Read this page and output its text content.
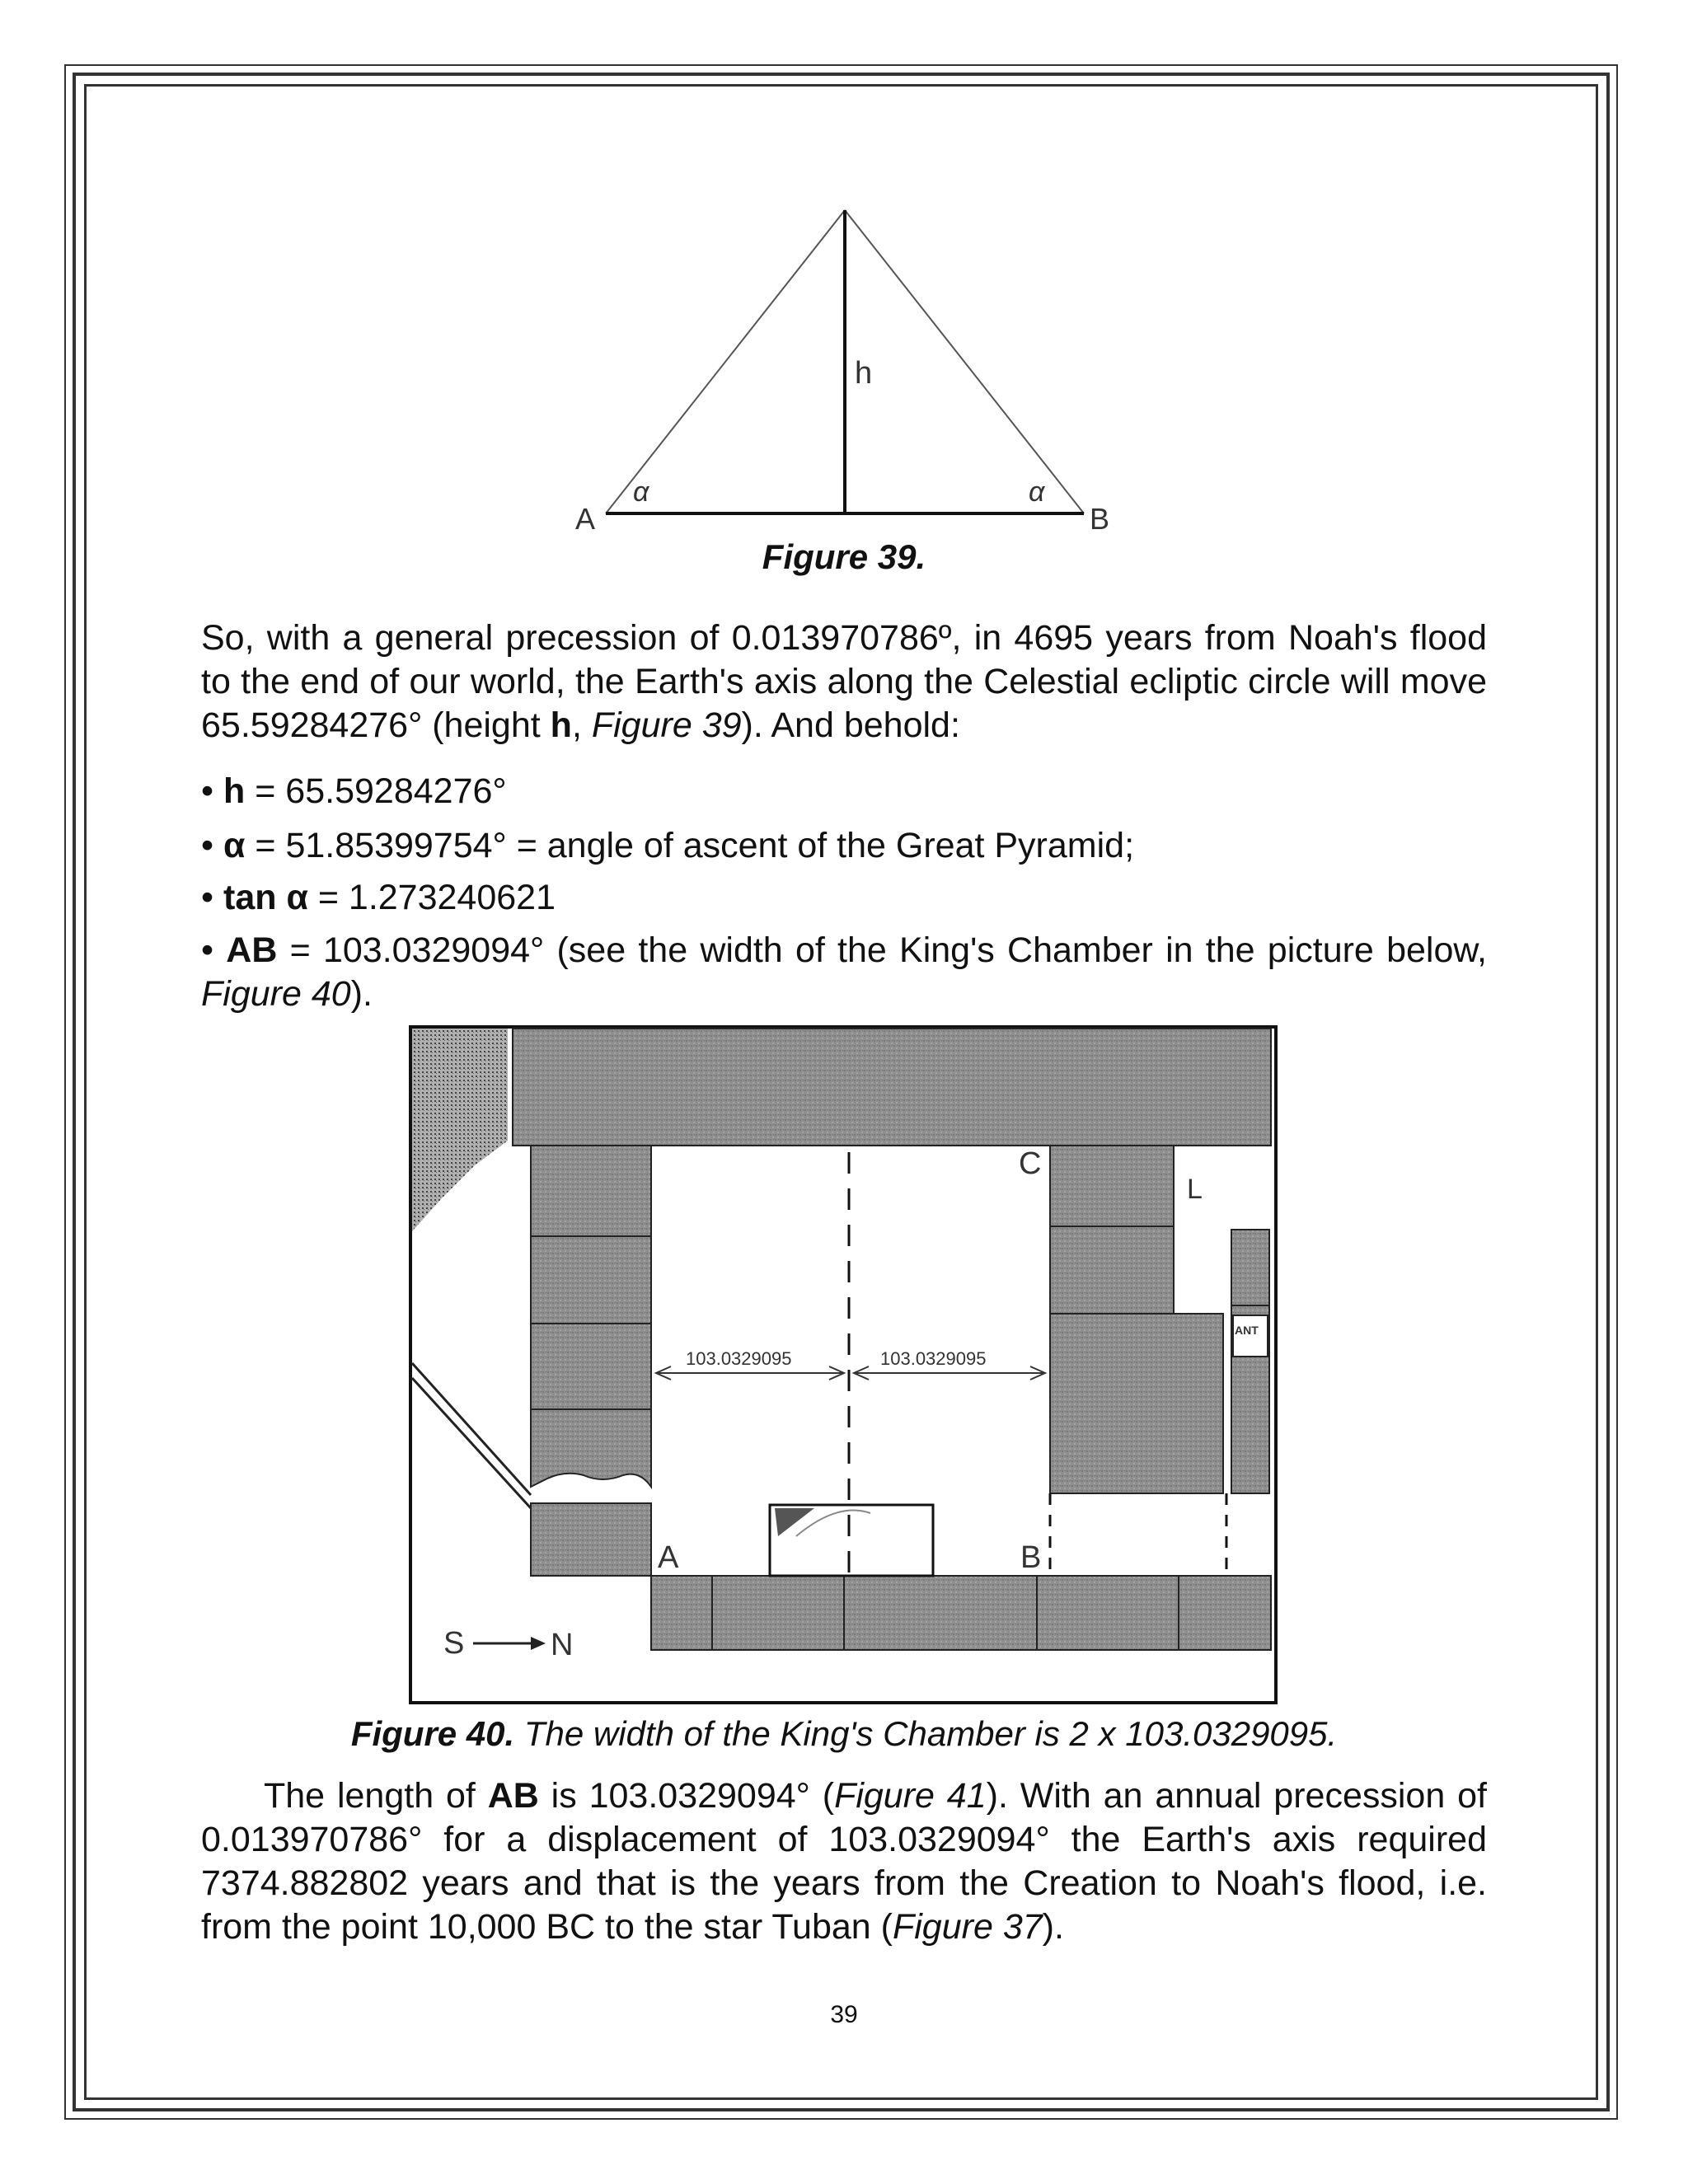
h
A	B
α	α
Figure 39.
So, with a general precession of 0.013970786º, in 4695 years from Noah's flood to the end of our world, the Earth's axis along the Celestial ecliptic circle will move 65.59284276° (height h, Figure 39). And behold:
• h = 65.59284276°
• α = 51.85399754° = angle of ascent of the Great Pyramid;
• tan α = 1.273240621
• AB = 103.0329094° (see the width of the King's Chamber in the picture below, Figure 40).
ANT
103.0329095	103.0329095
C
L
A	B
S	N
Figure 40. The width of the King's Chamber is 2 x 103.0329095.
The length of AB is 103.0329094° (Figure 41). With an annual precession of 0.013970786° for a displacement of 103.0329094° the Earth's axis required 7374.882802 years and that is the years from the Creation to Noah's flood, i.e. from the point 10,000 BC to the star Tuban (Figure 37).
39
